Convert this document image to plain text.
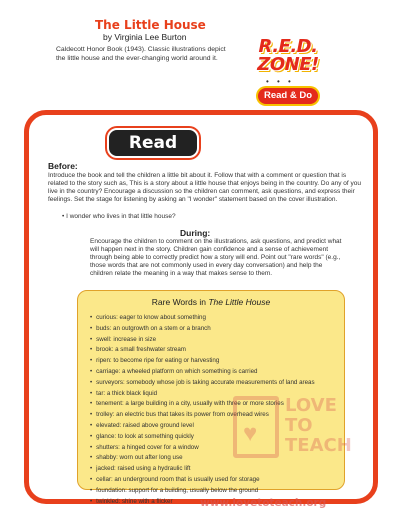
The Little House
by Virginia Lee Burton
Caldecott Honor Book (1943). Classic illustrations depict the little house and the ever-changing world around it.
R.E.D. ZONE!
• • •
Read & Do
Read
Before:
Introduce the book and tell the children a little bit about it. Follow that with a comment or question that is related to the story such as, This is a story about a little house that enjoys being in the country. Do any of you live in the country? Encourage a discussion so the children can comment, ask questions, and express their feelings. Set the stage for listening by asking an "I wonder" statement based on the cover illustration.
• I wonder who lives in that little house?
During:
Encourage the children to comment on the illustrations, ask questions, and predict what will happen next in the story. Children gain confidence and a sense of achievement through being able to correctly predict how a story will end. Point out "rare words" (e.g., those words that are not commonly used in every day conversation) and help the children relate the meaning in a way that makes sense to them.
Rare Words in The Little House
• curious: eager to know about something
• buds: an outgrowth on a stem or a branch
• swell: increase in size
• brook: a small freshwater stream
• ripen: to become ripe for eating or harvesting
• carriage: a wheeled platform on which something is carried
• surveyors: somebody whose job is taking accurate measurements of land areas
• tar: a thick black liquid
• tenement: a large building in a city, usually with three or more stories
• trolley: an electric bus that takes its power from overhead wires
• elevated: raised above ground level
• glance: to look at something quickly
• shutters: a hinged cover for a window
• shabby: worn out after long use
• jacked: raised using a hydraulic lift
• cellar: an underground room that is usually used for storage
• foundation: support for a building, usually below the ground
• twinkled: shine with a flicker
♥
LOVE
TO
TEACH
www.lovetoteach.org
